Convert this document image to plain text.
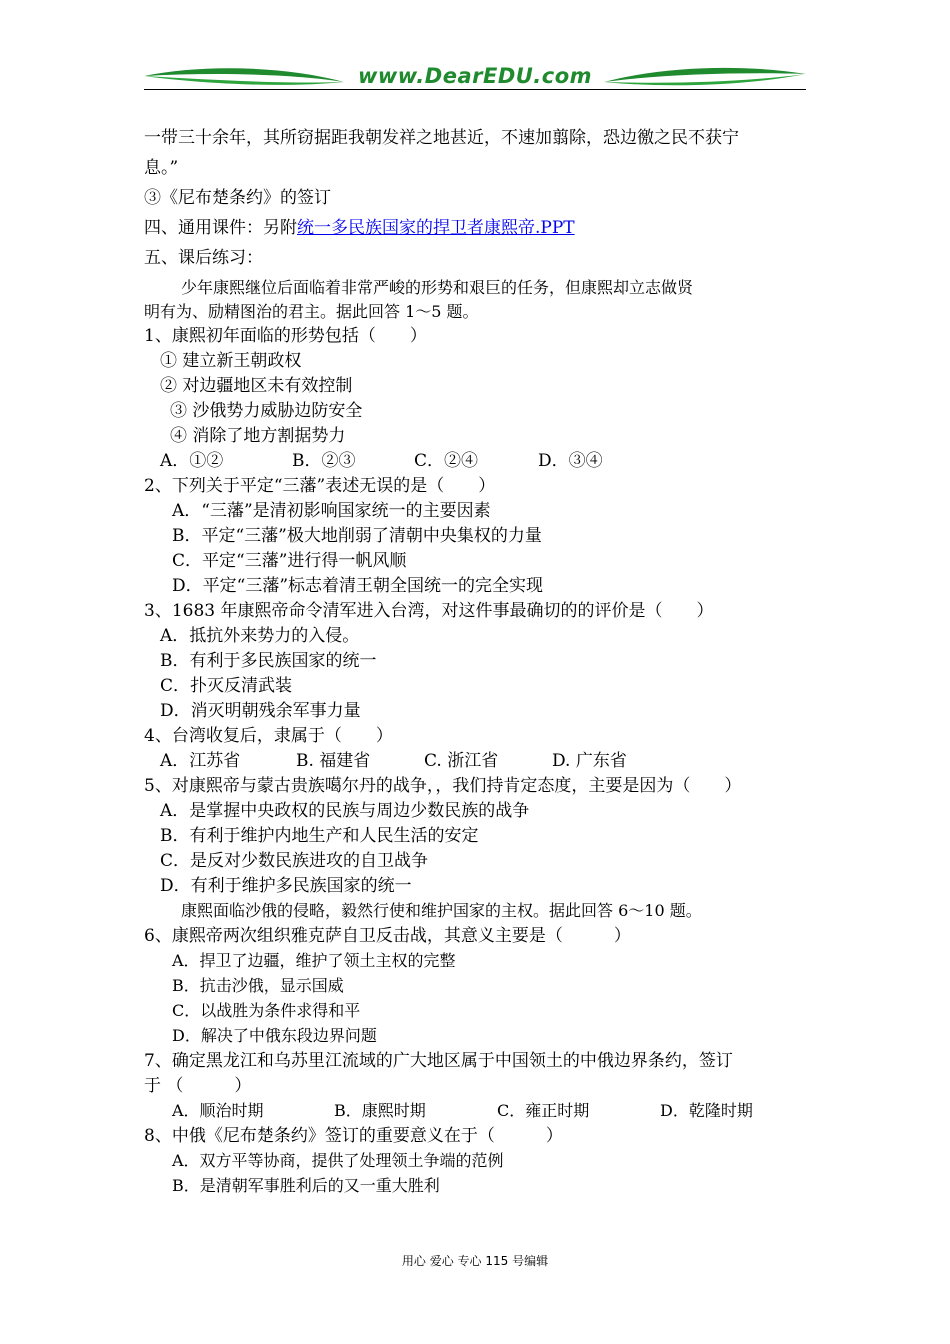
www.DearEDU.com
一带三十余年，其所窃据距我朝发祥之地甚近，不速加翦除，恐边徼之民不获宁
息。”
③《尼布楚条约》的签订
四、通用课件：另附统一多民族国家的捍卫者康熙帝.PPT
五、课后练习：
少年康熙继位后面临着非常严峻的形势和艰巨的任务，但康熙却立志做贤
明有为、励精图治的君主。据此回答 1～5 题。
1、康熙初年面临的形势包括（　　）
① 建立新王朝政权
② 对边疆地区未有效控制
③ 沙俄势力威胁边防安全
④ 消除了地方割据势力
A．①②	B．②③	C．②④	D．③④
2、下列关于平定“三藩”表述无误的是（　　）
A．“三藩”是清初影响国家统一的主要因素
B．平定“三藩”极大地削弱了清朝中央集权的力量
C．平定“三藩”进行得一帆风顺
D．平定“三藩”标志着清王朝全国统一的完全实现
3、1683 年康熙帝命令清军进入台湾，对这件事最确切的的评价是（　　）
A．抵抗外来势力的入侵。
B．有利于多民族国家的统一
C．扑灭反清武装
D．消灭明朝残余军事力量
4、台湾收复后，隶属于（　　）
A．江苏省	B. 福建省	C. 浙江省	D. 广东省
5、对康熙帝与蒙古贵族噶尔丹的战争，，我们持肯定态度，主要是因为（　　）
A．是掌握中央政权的民族与周边少数民族的战争
B．有利于维护内地生产和人民生活的安定
C．是反对少数民族进攻的自卫战争
D．有利于维护多民族国家的统一
康熙面临沙俄的侵略，毅然行使和维护国家的主权。据此回答 6～10 题。
6、康熙帝两次组织雅克萨自卫反击战，其意义主要是（　　　）
A．捍卫了边疆，维护了领土主权的完整
B．抗击沙俄，显示国威
C．以战胜为条件求得和平
D．解决了中俄东段边界问题
7、确定黑龙江和乌苏里江流域的广大地区属于中国领土的中俄边界条约，签订
于 （　　　）
A．顺治时期	B．康熙时期	C．雍正时期	D．乾隆时期
8、中俄《尼布楚条约》签订的重要意义在于（　　　）
A．双方平等协商，提供了处理领土争端的范例
B．是清朝军事胜利后的又一重大胜利
用心 爱心 专心 115 号编辑
